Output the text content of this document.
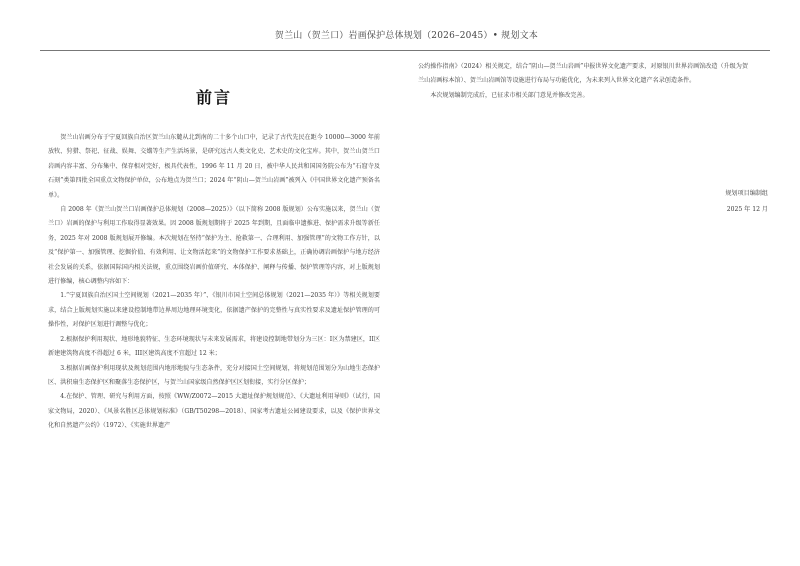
贺兰山（贺兰口）岩画保护总体规划（2026–2045）• 规划文本
前言

贺兰山岩画分布于宁夏回族自治区贺兰山东麓从北到南的二十多个山口中，记录了古代先民在距今 10000—3000 年前放牧、狩猎、祭祀、征战、娱舞、交媾等生产生活场景，是研究远古人类文化史、艺术史的文化宝库。其中，贺兰山贺兰口岩画内容丰富、分布集中、保存相对完好，极具代表性，1996 年 11 月 20 日，被中华人民共和国国务院公布为“石窟寺及石刻”类第四批全国重点文物保护单位，公布地点为贺兰口；2024 年“阴山—贺兰山岩画”被列入《中国世界文化遗产预备名单》。

自 2008 年《贺兰山贺兰口岩画保护总体规划（2008—2025）》（以下简称 2008 版规划）公布实施以来，贺兰山（贺兰口）岩画的保护与利用工作取得显著效果。因 2008 版规划期将于 2025 年到期，且面临申遗推进、保护需求升级等新任务，2025 年对 2008 版规划展开修编。本次规划在坚持“保护为主、抢救第一、合理利用、加强管理”的文物工作方针，以及“保护第一、加强管理、挖掘价值、有效利用、让文物活起来”的文物保护工作要求基础上，正确协调岩画保护与地方经济社会发展的关系，依据国际国内相关法规，重点围绕岩画价值研究、本体保护、阐释与传播、保护管理等内容，对上版规划进行修编，核心调整内容如下：

1.“宁夏回族自治区国土空间规划（2021—2035 年）”、《银川市国土空间总体规划（2021—2035 年）》等相关规划要求，结合上版规划实施以来建设控制地带边界周边地理环境变化，依据遗产保护的完整性与真实性要求及遗址保护管理的可操作性，对保护区划进行调整与优化；

2.根据保护利用现状、地形地貌特征、生态环境现状与未来发展需求，将建设控制地带划分为三区：I区为禁建区，II区新建建筑物高度不得超过 6 米，III区建筑高度不宜超过 12 米；

3.根据岩画保护利用现状及规划范围内地形地貌与生态条件，充分对接国土空间规划，将规划范围划分为山地生态保护区、洪积扇生态保护区和聚落生态保护区，与贺兰山国家级自然保护区区划衔接，实行分区保护；

4.在保护、管理、研究与利用方面，按照《WW/Z0072—2015 大遗址保护规划规范》、《大遗址利用导则》（试行，国家文物局，2020）、《风景名胜区总体规划标准》（GB/T50298—2018）、国家考古遗址公园建设要求，以及《保护世界文化和自然遗产公约》（1972）、《实施世界遗产

公约操作指南》（2024）相关规定，结合“阴山—贺兰山岩画”申报世界文化遗产要求，对原银川世界岩画馆改造（升级为贺兰山岩画标本馆）、贺兰山岩画馆等设施进行布局与功能优化，为未来列入世界文化遗产名录创造条件。

本次规划编制完成后，已征求市相关部门意见并修改完善。

规划项目编制组
2025 年 12 月
